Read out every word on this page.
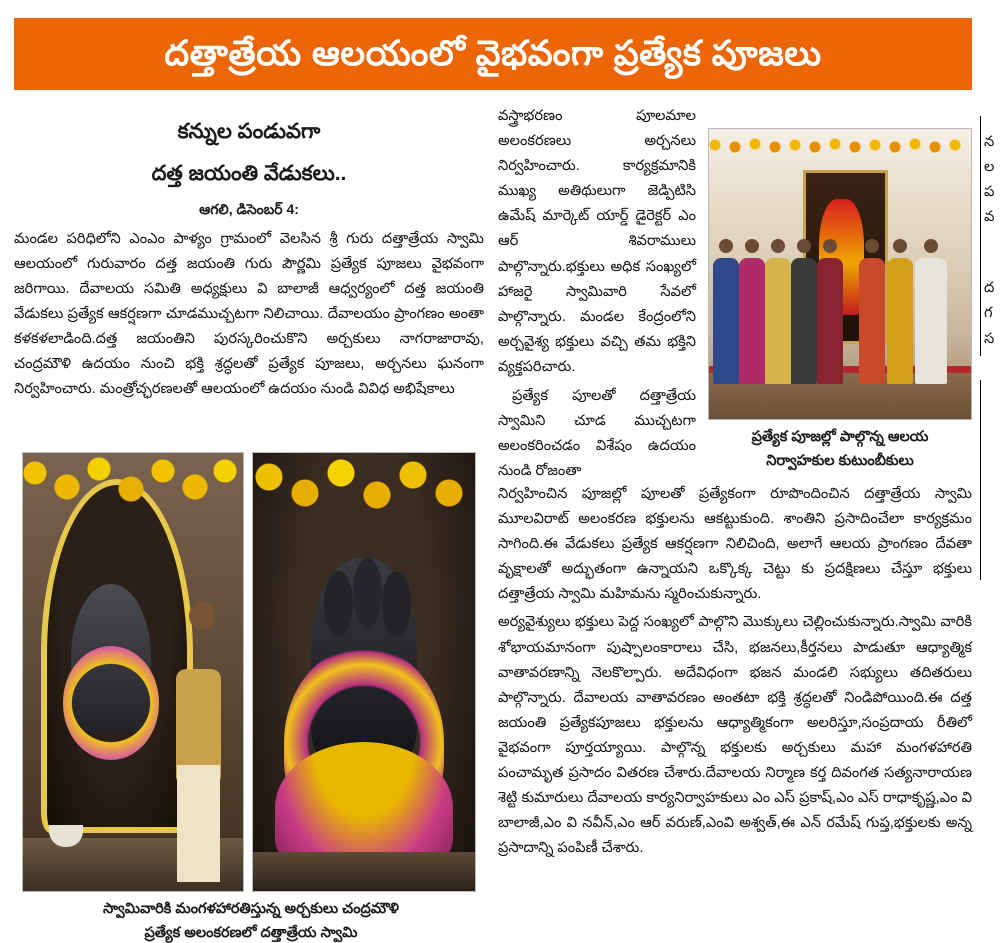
దత్తాత్రేయ ఆలయంలో వైభవంగా ప్రత్యేక పూజలు
కన్నుల పండువగా
దత్త జయంతి వేడుకలు..
ఆగలి, డిసెంబర్ 4:
మండల పరిధిలోని ఎంఎం పాళ్యం గ్రామంలో వెలసిన శ్రీ గురు దత్తాత్రేయ స్వామి ఆలయంలో గురువారం దత్త జయంతి గురు పౌర్ణమి ప్రత్యేక పూజలు వైభవంగా జరిగాయి. దేవాలయ సమితి అధ్యక్షులు వి బాలాజీ ఆధ్వర్యంలో దత్త జయంతి వేడుకలు ప్రత్యేక ఆకర్షణగా చూడముచ్చటగా నిలిచాయి. దేవాలయం ప్రాంగణం అంతా కళకళలాడింది.దత్త జయంతిని పురస్కరించుకొని అర్చకులు నాగరాజారావు, చంద్రమౌళి ఉదయం నుంచి భక్తి శ్రద్ధలతో ప్రత్యేక పూజలు, అర్చనలు ఘనంగా నిర్వహించారు. మంత్రోచ్ఛరణలతో ఆలయంలో ఉదయం నుండి వివిధ అభిషేకాలు
స్వామివారికి మంగళహారతిస్తున్న అర్చకులు చంద్రమౌళి
ప్రత్యేక అలంకరణలో దత్తాత్రేయ స్వామి
వస్త్రాభరణం పూలమాల అలంకరణలు అర్చనలు నిర్వహించారు. కార్యక్రమానికి ముఖ్య అతిథులుగా జెడ్పిటిసి ఉమేష్ మార్కెట్ యార్డ్ డైరెక్టర్ ఎం ఆర్ శివరాములు పాల్గొన్నారు.భక్తులు అధిక సంఖ్యలో హాజరై స్వామివారి సేవలో పాల్గొన్నారు. మండల కేంద్రంలోని అర్చవైశ్య భక్తులు వచ్చి తమ భక్తిని వ్యక్తపరిచారు.
ప్రత్యేక పూలతో దత్తాత్రేయ స్వామిని చూడ ముచ్చటగా అలంకరించడం విశేషం ఉదయం నుండి రోజంతా
ప్రత్యేక పూజల్లో పాల్గొన్న ఆలయ
నిర్వాహకుల కుటుంబీకులు
నిర్వహించిన పూజల్లో పూలతో ప్రత్యేకంగా రూపొందించిన దత్తాత్రేయ స్వామి మూలవిరాట్ అలంకరణ భక్తులను ఆకట్టుకుంది. శాంతిని ప్రసాదించేలా కార్యక్రమం సాగింది.ఈ వేడుకలు ప్రత్యేక ఆకర్షణగా నిలిచింది, అలాగే ఆలయ ప్రాంగణం దేవతా వృక్షాలతో అద్భుతంగా ఉన్నాయని ఒక్కొక్క చెట్టు కు ప్రదక్షిణలు చేస్తూ భక్తులు దత్తాత్రేయ స్వామి మహిమను స్మరించుకున్నారు.
అర్యవైశ్యులు భక్తులు పెద్ద సంఖ్యలో పాల్గొని మొక్కులు చెల్లించుకున్నారు.స్వామి వారికి శోభాయమానంగా పుష్పాలంకారాలు చేసి, భజనలు,కీర్తనలు పాడుతూ ఆధ్యాత్మిక వాతావరణాన్ని నెలకొల్పారు. అదేవిధంగా భజన మండలి సభ్యులు తదితరులు పాల్గొన్నారు. దేవాలయ వాతావరణం అంతటా భక్తి శ్రద్ధలతో నిండిపోయింది.ఈ దత్త జయంతి ప్రత్యేకపూజలు భక్తులను ఆధ్యాత్మికంగా అలరిస్తూ,సంప్రదాయ రీతిలో వైభవంగా పూర్తయ్యాయి. పాల్గొన్న భక్తులకు అర్చకులు మహా మంగళహారతి పంచామృత ప్రసాదం వితరణ చేశారు.దేవాలయ నిర్మాణ కర్త దివంగత సత్యనారాయణ శెట్టి కుమారులు దేవాలయ కార్యనిర్వాహకులు ఎం ఎస్ ప్రకాష్,ఎం ఎస్ రాధాకృష్ణ,ఎం వి బాలాజీ,ఎం వి నవీన్,ఎం ఆర్ వరుణ్,ఎంవి అశ్వత్,ఈ ఎన్ రమేష్ గుప్త,భక్తులకు అన్న ప్రసాదాన్ని పంపిణీ చేశారు.
న
ల
ప
వ
ద
గ
స
